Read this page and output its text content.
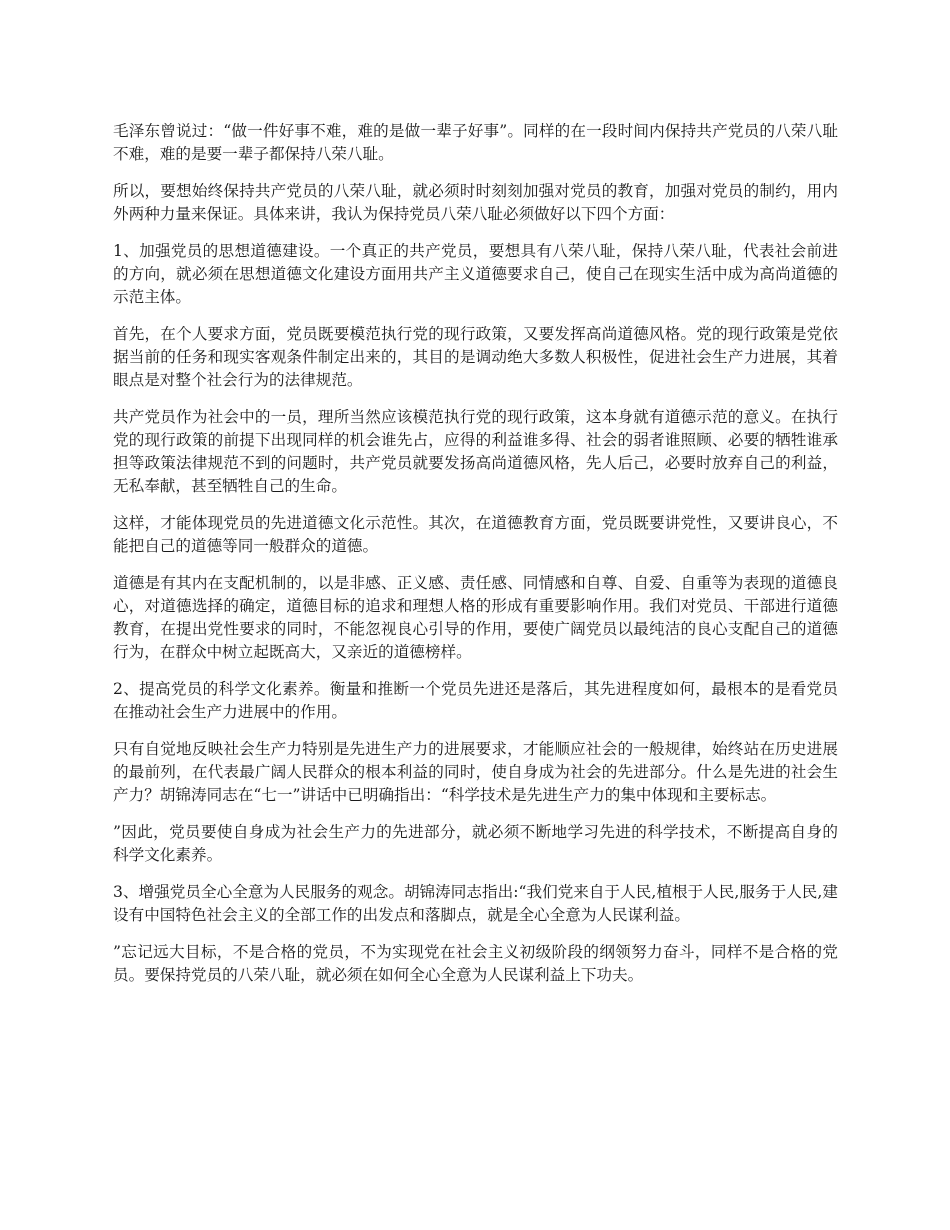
毛泽东曾说过：“做一件好事不难，难的是做一辈子好事”。同样的在一段时间内保持共产党员的八荣八耻不难，难的是要一辈子都保持八荣八耻。

所以，要想始终保持共产党员的八荣八耻，就必须时时刻刻加强对党员的教育，加强对党员的制约，用内外两种力量来保证。具体来讲，我认为保持党员八荣八耻必须做好以下四个方面：

1、加强党员的思想道德建设。一个真正的共产党员，要想具有八荣八耻，保持八荣八耻，代表社会前进的方向，就必须在思想道德文化建设方面用共产主义道德要求自己，使自己在现实生活中成为高尚道德的示范主体。

首先，在个人要求方面，党员既要模范执行党的现行政策，又要发挥高尚道德风格。党的现行政策是党依据当前的任务和现实客观条件制定出来的，其目的是调动绝大多数人积极性，促进社会生产力进展，其着眼点是对整个社会行为的法律规范。

共产党员作为社会中的一员，理所当然应该模范执行党的现行政策，这本身就有道德示范的意义。在执行党的现行政策的前提下出现同样的机会谁先占，应得的利益谁多得、社会的弱者谁照顾、必要的牺牲谁承担等政策法律规范不到的问题时，共产党员就要发扬高尚道德风格，先人后己，必要时放弃自己的利益，无私奉献，甚至牺牲自己的生命。

这样，才能体现党员的先进道德文化示范性。其次，在道德教育方面，党员既要讲党性，又要讲良心，不能把自己的道德等同一般群众的道德。

道德是有其内在支配机制的，以是非感、正义感、责任感、同情感和自尊、自爱、自重等为表现的道德良心，对道德选择的确定，道德目标的追求和理想人格的形成有重要影响作用。我们对党员、干部进行道德教育，在提出党性要求的同时，不能忽视良心引导的作用，要使广阔党员以最纯洁的良心支配自己的道德行为，在群众中树立起既高大，又亲近的道德榜样。

2、提高党员的科学文化素养。衡量和推断一个党员先进还是落后，其先进程度如何，最根本的是看党员在推动社会生产力进展中的作用。

只有自觉地反映社会生产力特别是先进生产力的进展要求，才能顺应社会的一般规律，始终站在历史进展的最前列，在代表最广阔人民群众的根本利益的同时，使自身成为社会的先进部分。什么是先进的社会生产力？胡锦涛同志在“七一”讲话中已明确指出：“科学技术是先进生产力的集中体现和主要标志。

”因此，党员要使自身成为社会生产力的先进部分，就必须不断地学习先进的科学技术，不断提高自身的科学文化素养。

3、增强党员全心全意为人民服务的观念。胡锦涛同志指出:“我们党来自于人民,植根于人民,服务于人民,建设有中国特色社会主义的全部工作的出发点和落脚点，就是全心全意为人民谋利益。

”忘记远大目标，不是合格的党员，不为实现党在社会主义初级阶段的纲领努力奋斗，同样不是合格的党员。要保持党员的八荣八耻，就必须在如何全心全意为人民谋利益上下功夫。
